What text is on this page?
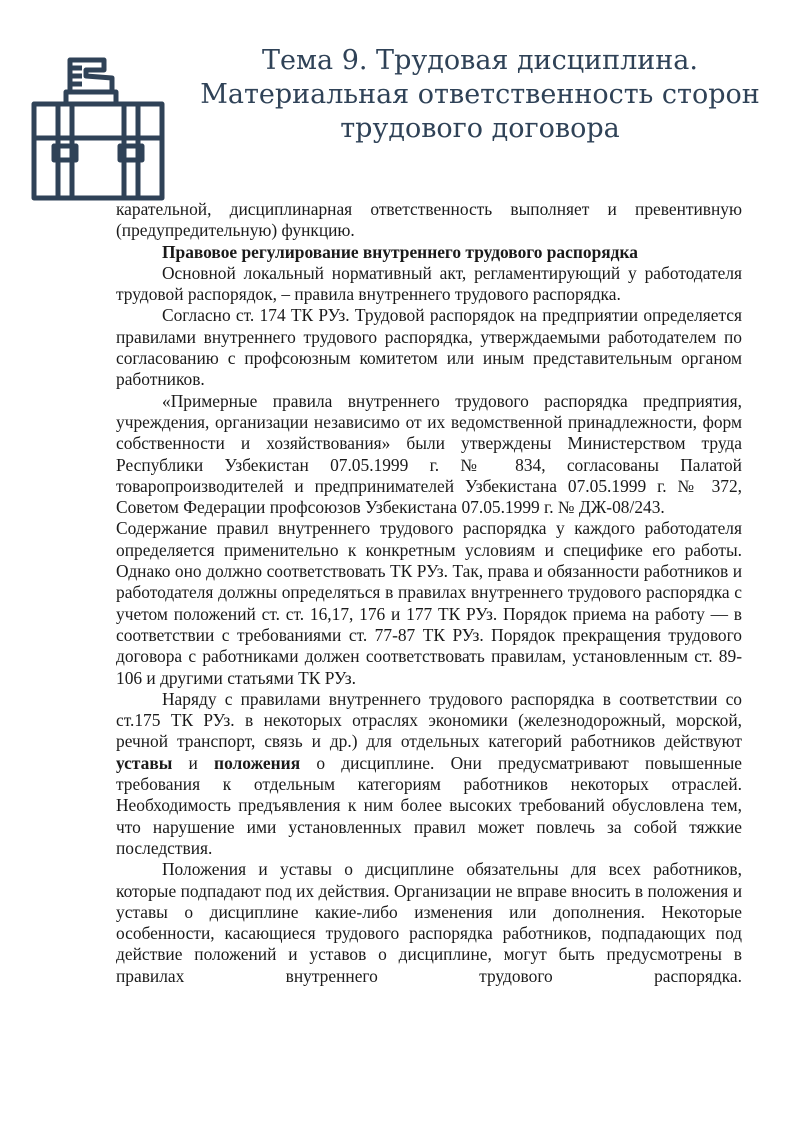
Тема 9. Трудовая дисциплина.
Материальная ответственность сторон
трудового договора

карательной, дисциплинарная ответственность выполняет и превентивную (предупредительную) функцию.

Правовое регулирование внутреннего трудового распорядка

Основной локальный нормативный акт, регламентирующий у работодателя трудовой распорядок, – правила внутреннего трудового распорядка.

Согласно ст. 174 ТК РУз. Трудовой распорядок на предприятии определяется правилами внутреннего трудового распорядка, утверждаемыми работодателем по согласованию с профсоюзным комитетом или иным представительным органом работников.

«Примерные правила внутреннего трудового распорядка предприятия, учреждения, организации независимо от их ведомственной принадлежности, форм собственности и хозяйствования» были утверждены Министерством труда Республики Узбекистан 07.05.1999 г. № 834, согласованы Палатой товаропроизводителей и предпринимателей Узбекистана 07.05.1999 г. № 372, Советом Федерации профсоюзов Узбекистана 07.05.1999 г. № ДЖ-08/243.

Содержание правил внутреннего трудового распорядка у каждого работодателя определяется применительно к конкретным условиям и специфике его работы. Однако оно должно соответствовать ТК РУз. Так, права и обязанности работников и работодателя должны определяться в правилах внутреннего трудового распорядка с учетом положений ст. ст. 16,17, 176 и 177 ТК РУз. Порядок приема на работу — в соответствии с требованиями ст. 77-87 ТК РУз. Порядок прекращения трудового договора с работниками должен соответствовать правилам, установленным ст. 89-106 и другими статьями ТК РУз.

Наряду с правилами внутреннего трудового распорядка в соответствии со ст.175 ТК РУз. в некоторых отраслях экономики (железнодорожный, морской, речной транспорт, связь и др.) для отдельных категорий работников действуют уставы и положения о дисциплине. Они предусматривают повышенные требования к отдельным категориям работников некоторых отраслей. Необходимость предъявления к ним более высоких требований обусловлена тем, что нарушение ими установленных правил может повлечь за собой тяжкие последствия.

Положения и уставы о дисциплине обязательны для всех работников, которые подпадают под их действия. Организации не вправе вносить в положения и уставы о дисциплине какие-либо изменения или дополнения. Некоторые особенности, касающиеся трудового распорядка работников, подпадающих под действие положений и уставов о дисциплине, могут быть предусмотрены в правилах внутреннего трудового распорядка.
